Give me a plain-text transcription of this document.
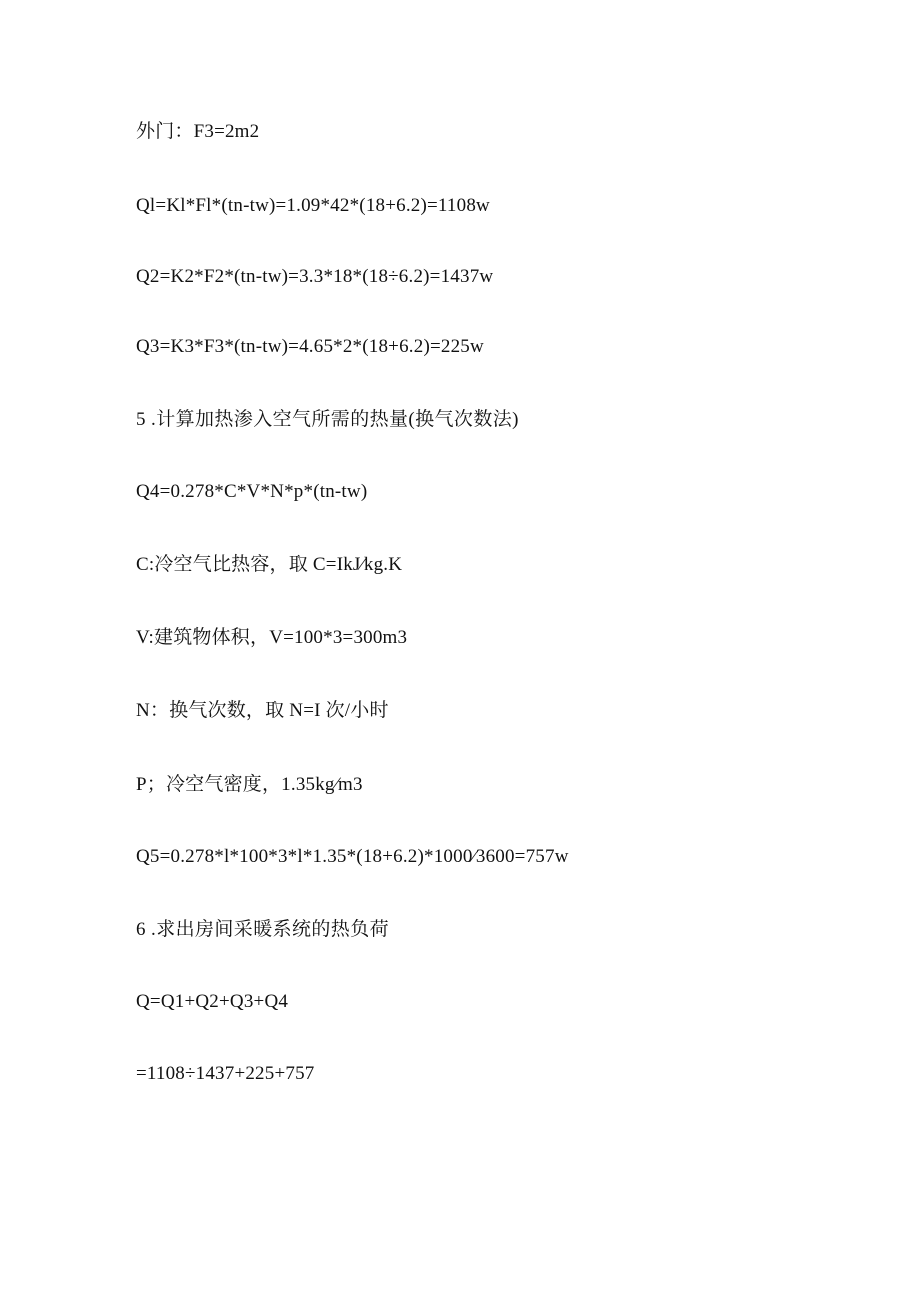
外门：F3=2m2
Ql=Kl*Fl*(tn-tw)=1.09*42*(18+6.2)=1108w
Q2=K2*F2*(tn-tw)=3.3*18*(18÷6.2)=1437w
Q3=K3*F3*(tn-tw)=4.65*2*(18+6.2)=225w
5 .计算加热渗入空气所需的热量(换气次数法)
Q4=0.278*C*V*N*p*(tn-tw)
C:冷空气比热容，取 C=IkJ∕kg.K
V:建筑物体积，V=100*3=300m3
N：换气次数，取 N=I 次/小时
P；冷空气密度，1.35kg∕m3
Q5=0.278*l*100*3*l*1.35*(18+6.2)*1000∕3600=757w
6 .求出房间采暖系统的热负荷
Q=Q1+Q2+Q3+Q4
=1108÷1437+225+757
